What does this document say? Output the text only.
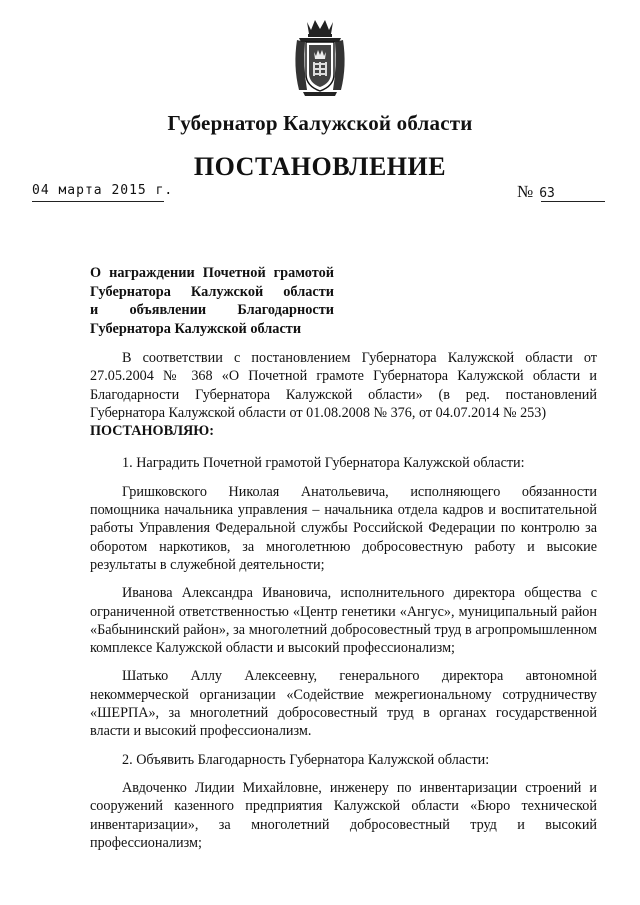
Губернатор Калужской области
ПОСТАНОВЛЕНИЕ
04 марта 2015 г.	№ 63
О награждении Почетной грамотой
Губернатора Калужской области
и объявлении Благодарности
Губернатора Калужской области

В соответствии с постановлением Губернатора Калужской области от 27.05.2004 № 368 «О Почетной грамоте Губернатора Калужской области и Благодарности Губернатора Калужской области» (в ред. постановлений Губернатора Калужской области от 01.08.2008 № 376, от 04.07.2014 № 253)

ПОСТАНОВЛЯЮ:

1. Наградить Почетной грамотой Губернатора Калужской области:

Гришковского Николая Анатольевича, исполняющего обязанности помощника начальника управления – начальника отдела кадров и воспитательной работы Управления Федеральной службы Российской Федерации по контролю за оборотом наркотиков, за многолетнюю добросовестную работу и высокие результаты в служебной деятельности;

Иванова Александра Ивановича, исполнительного директора общества с ограниченной ответственностью «Центр генетики «Ангус», муниципальный район «Бабынинский район», за многолетний добросовестный труд в агропромышленном комплексе Калужской области и высокий профессионализм;

Шатько Аллу Алексеевну, генерального директора автономной некоммерческой организации «Содействие межрегиональному сотрудничеству «ШЕРПА», за многолетний добросовестный труд в органах государственной власти и высокий профессионализм.

2. Объявить Благодарность Губернатора Калужской области:

Авдоченко Лидии Михайловне, инженеру по инвентаризации строений и сооружений казенного предприятия Калужской области «Бюро технической инвентаризации», за многолетний добросовестный труд и высокий профессионализм;
